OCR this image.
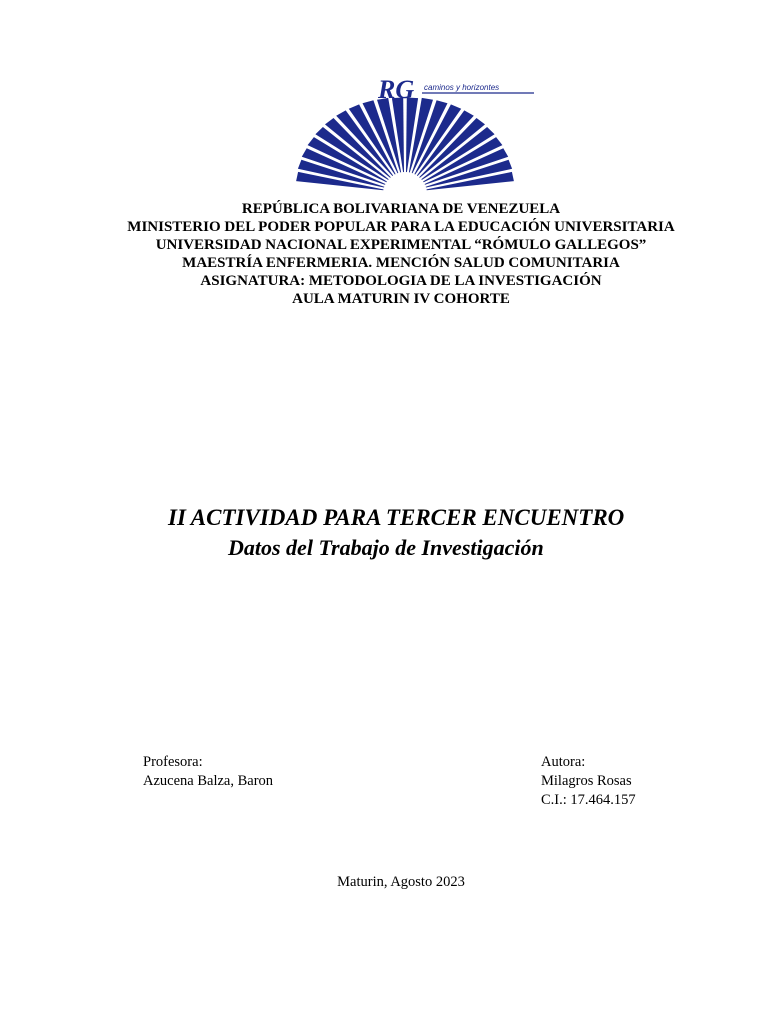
RG caminos y horizontes
REPÚBLICA BOLIVARIANA DE VENEZUELA
MINISTERIO DEL PODER POPULAR PARA LA EDUCACIÓN UNIVERSITARIA
UNIVERSIDAD NACIONAL EXPERIMENTAL “RÓMULO GALLEGOS”
MAESTRÍA ENFERMERIA. MENCIÓN SALUD COMUNITARIA
ASIGNATURA: METODOLOGIA DE LA INVESTIGACIÓN
AULA MATURIN IV COHORTE
II ACTIVIDAD PARA TERCER ENCUENTRO
Datos del Trabajo de Investigación
Profesora:
Azucena Balza, Baron
Autora:
Milagros Rosas
C.I.: 17.464.157
Maturin, Agosto 2023
